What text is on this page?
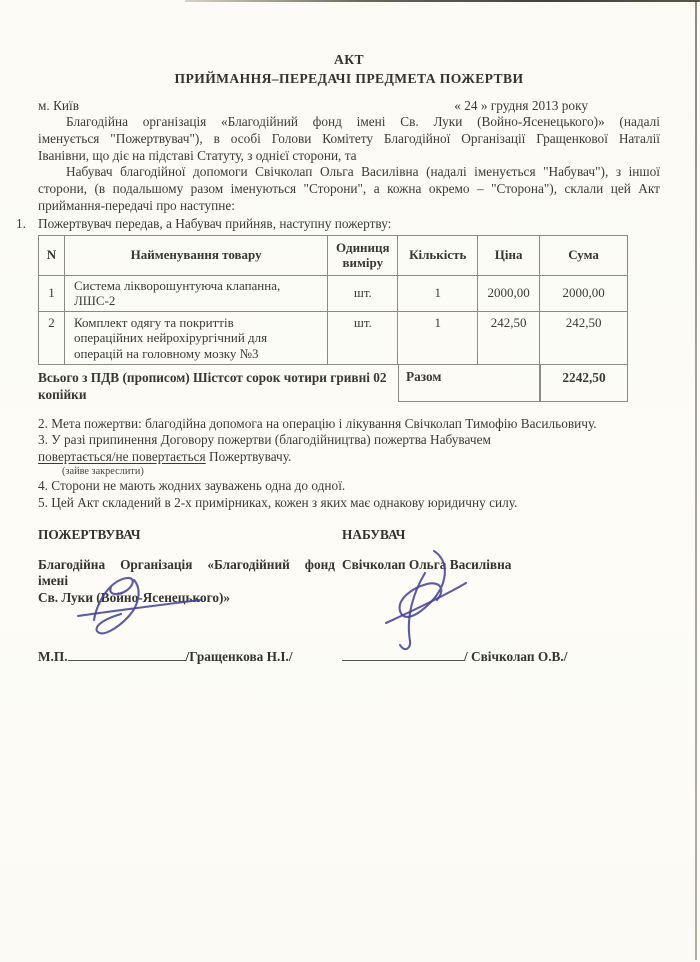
АКТ
ПРИЙМАННЯ–ПЕРЕДАЧІ ПРЕДМЕТА ПОЖЕРТВИ
м. Київ	« 24 » грудня 2013 року
Благодійна організація «Благодійний фонд імені Св. Луки (Войно-Ясенецького)» (надалі
іменується "Пожертвувач"), в особі Голови Комітету Благодійної Організації Гращенкової Наталії
Іванівни, що діє на підставі Статуту, з однієї сторони, та
Набувач благодійної допомоги Свічколап Ольга Василівна (надалі іменується "Набувач"), з іншої
сторони, (в подальшому разом іменуються "Сторони", а кожна окремо – "Сторона"), склали цей Акт
приймання-передачі про наступне:
1. Пожертвувач передав, а Набувач прийняв, наступну пожертву:
N	Найменування товару	Одиниця виміру	Кількість	Ціна	Сума
1	Система лікворошунтуюча клапанна, ЛШС-2	шт.	1	2000,00	2000,00
2	Комплект одягу та покриттів операційних нейрохірургічний для операцій на головному мозку №3	шт.	1	242,50	242,50
Всього з ПДВ (прописом) Шістсот сорок чотири гривні 02 копійки
Разом	2242,50
2. Мета пожертви: благодійна допомога на операцію і лікування Свічколап Тимофію Васильовичу.
3. У разі припинення Договору пожертви (благодійництва) пожертва Набувачем
повертається/не повертається Пожертвувачу.
(зайве закреслити)
4. Сторони не мають жодних зауважень одна до одної.
5. Цей Акт складений в 2-х примірниках, кожен з яких має однакову юридичну силу.
ПОЖЕРТВУВАЧ	НАБУВАЧ
Благодійна Організація «Благодійний фонд
імені
Св. Луки (Войно-Ясенецького)»
Свічколап Ольга Василівна
М.П.	/Гращенкова Н.І./	/ Свічколап О.В./
